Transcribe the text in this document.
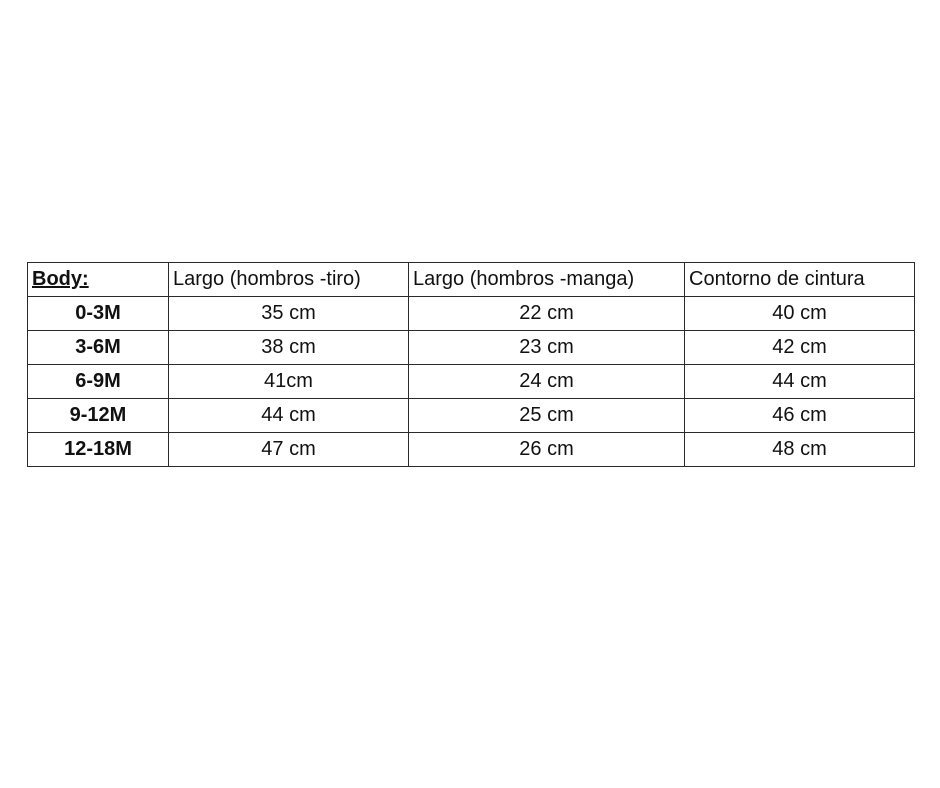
Body:	Largo (hombros -tiro)	Largo (hombros -manga)	Contorno de cintura
0-3M	35 cm	22 cm	40 cm
3-6M	38 cm	23 cm	42 cm
6-9M	41cm	24 cm	44 cm
9-12M	44 cm	25 cm	46 cm
12-18M	47 cm	26 cm	48 cm
